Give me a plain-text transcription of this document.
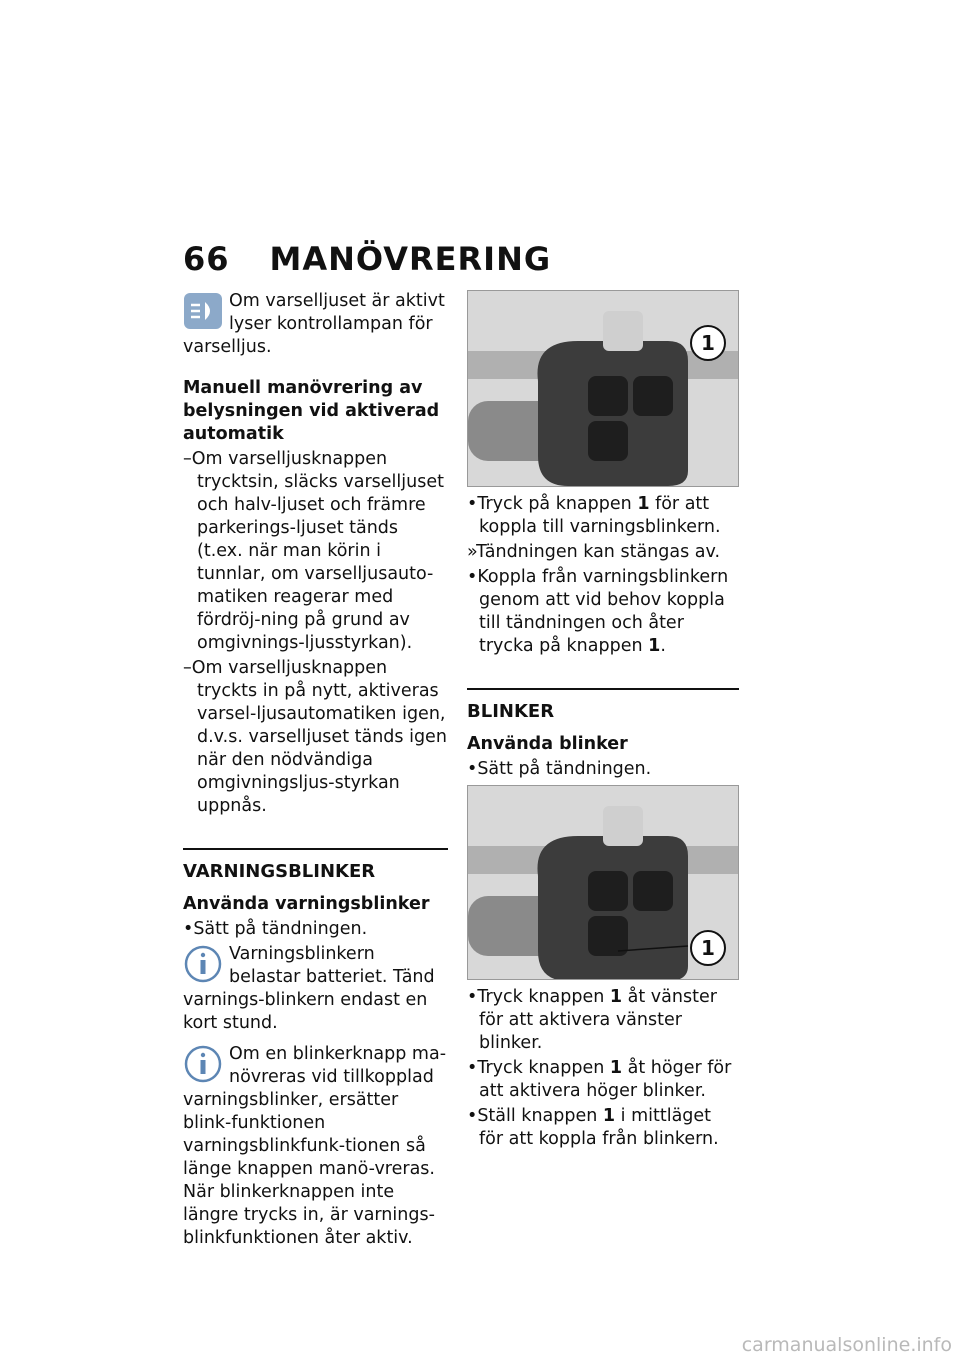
66 MANÖVRERING

Om varselljuset är aktivt lyser kontrollampan för varselljus.

Manuell manövrering av belysningen vid aktiverad automatik

–Om varselljusknappen trycktsin, släcks varselljuset och halv-ljuset och främre parkerings-ljuset tänds (t.ex. när man körin i tunnlar, om varselljusauto-matiken reagerar med fördröj-ning på grund av omgivnings-ljusstyrkan).

–Om varselljusknappen tryckts in på nytt, aktiveras varsel-ljusautomatiken igen, d.v.s. varselljuset tänds igen när den nödvändiga omgivningsljus-styrkan uppnås.

VARNINGSBLINKER

Använda varningsblinker

•Sätt på tändningen.

Varningsblinkern belastar batteriet. Tänd varnings-blinkern endast en kort stund.

Om en blinkerknapp ma-növreras vid tillkopplad varningsblinker, ersätter blink-funktionen varningsblinkfunk-tionen så länge knappen manö-vreras. När blinkerknappen inte längre trycks in, är varnings-blinkfunktionen åter aktiv.

1

•Tryck på knappen 1 för att koppla till varningsblinkern.

»Tändningen kan stängas av.

•Koppla från varningsblinkern genom att vid behov koppla till tändningen och åter trycka på knappen 1.

BLINKER

Använda blinker

•Sätt på tändningen.

1

•Tryck knappen 1 åt vänster för att aktivera vänster blinker.

•Tryck knappen 1 åt höger för att aktivera höger blinker.

•Ställ knappen 1 i mittläget för att koppla från blinkern.

carmanualsonline.info
